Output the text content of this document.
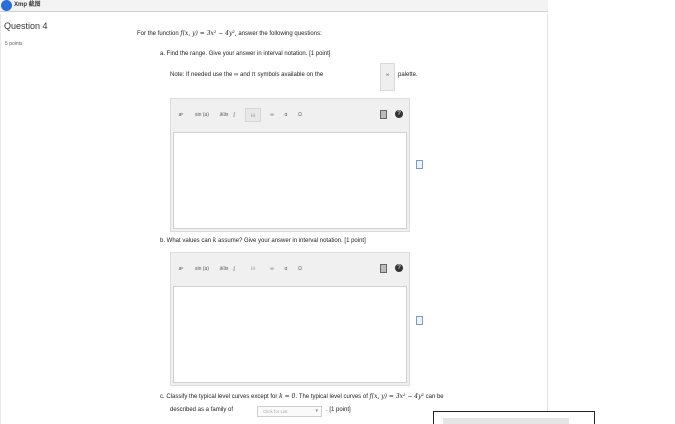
Xmp 截图
Question 4
5 points
For the function f(x, y) = 3x² − 4y², answer the following questions:
a. Find the range. Give your answer in interval notation. [1 point]
Note: If needed use the ∞ and π symbols available on the	∞	palette.
aᵇ	sin (a)	∂/∂x ∫	⁝⁝⁝	∞	α	Ω	?
b. What values can k assume? Give your answer in interval notation. [1 point]
aᵇ	sin (a)	∂/∂x ∫	⁝⁝⁝	∞	α	Ω	?
c. Classify the typical level curves except for k = 0. The typical level curves of f(x, y) = 3x² − 4y² can be
described as a family of	Click for List	▾ . [1 point]
